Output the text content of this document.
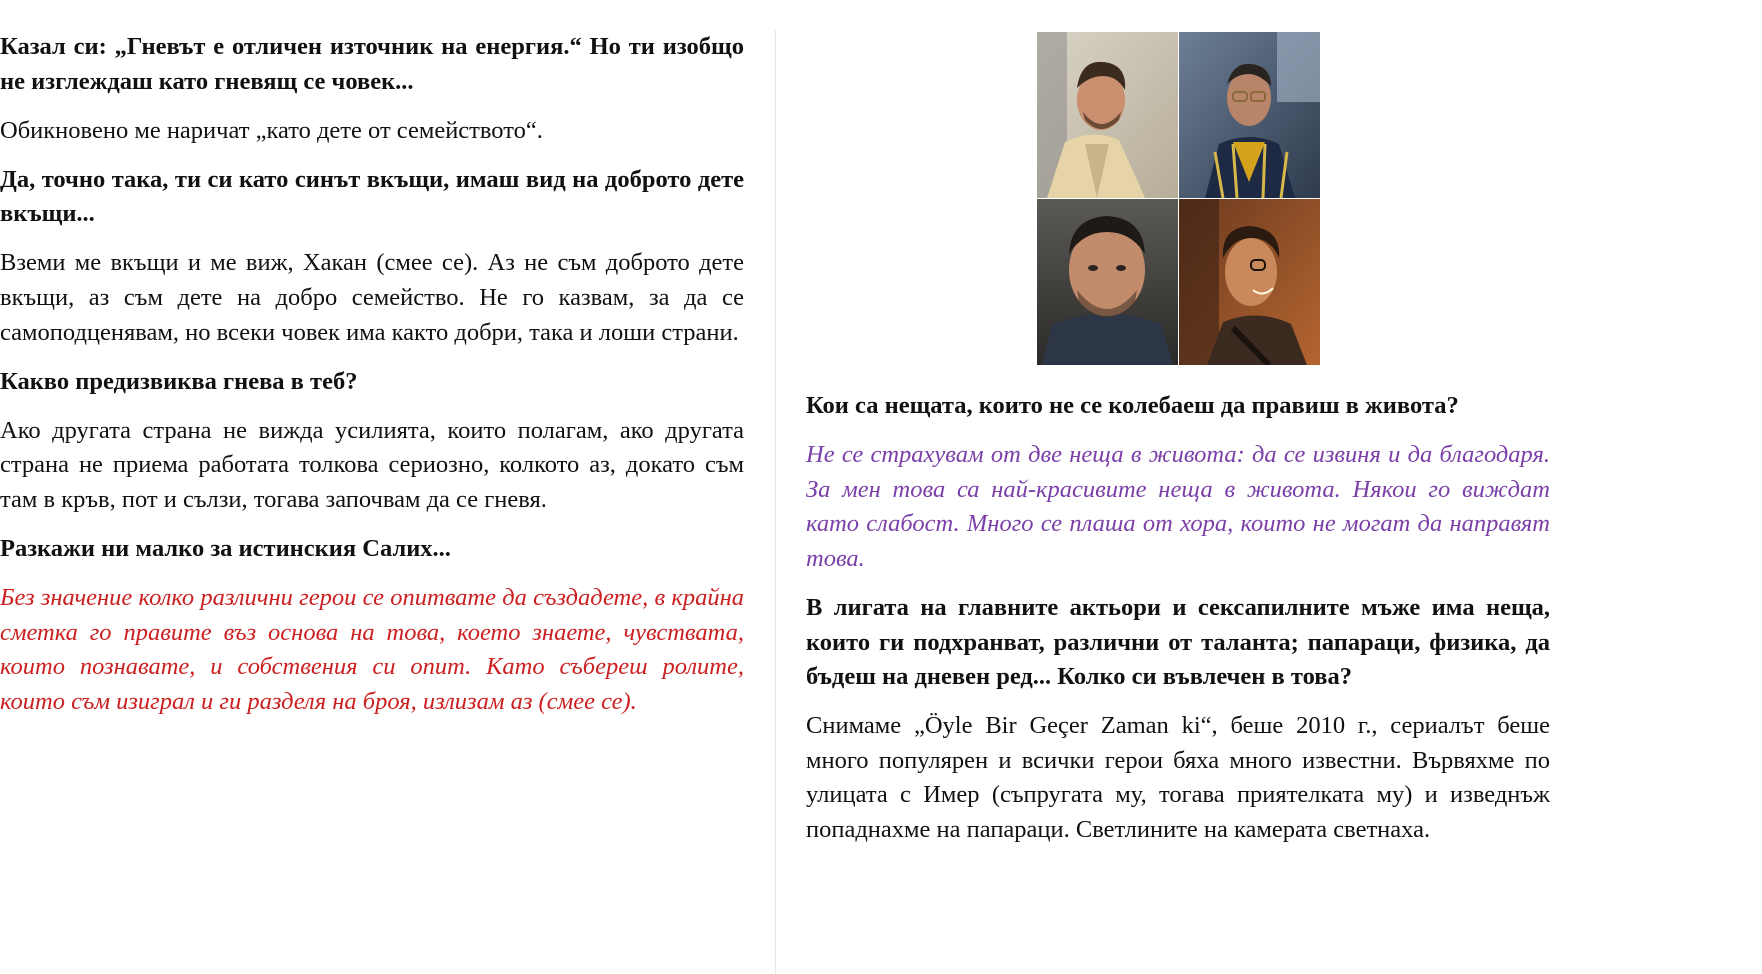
Казал си: „Гневът е отличен източник на енергия.“ Но ти изобщо не изглеждаш като гневящ се човек...

Обикновено ме наричат „като дете от семейството“.

Да, точно така, ти си като синът вкъщи, имаш вид на доброто дете вкъщи...

Вземи ме вкъщи и ме виж, Хакан (смее се). Аз не съм доброто дете вкъщи, аз съм дете на добро семейство. Не го казвам, за да се самоподценявам, но всеки човек има както добри, така и лоши страни.

Какво предизвиква гнева в теб?

Ако другата страна не вижда усилията, които полагам, ако другата страна не приема работата толкова сериозно, колкото аз, докато съм там в кръв, пот и сълзи, тогава започвам да се гневя.

Разкажи ни малко за истинския Салих...

Без значение колко различни герои се опитвате да създадете, в крайна сметка го правите въз основа на това, което знаете, чувствата, които познавате, и собствения си опит. Като съберeш ролите, които съм изиграл и ги разделя на броя, излизам аз (смее се).

Кои са нещата, които не се колебаеш да правиш в живота?

Не се страхувам от две неща в живота: да се извиня и да благодаря. За мен това са най-красивите неща в живота. Някои го виждат като слабост. Много се плаша от хора, които не могат да направят това.

В лигата на главните актьори и сексапилните мъже има неща, които ги подхранват, различни от таланта; папараци, физика, да бъдеш на дневен ред... Колко си въвлечен в това?

Снимаме „Öyle Bir Geçer Zaman ki“, беше 2010 г., сериалът беше много популярен и всички герои бяха много известни. Вървяхме по улицата с Имер (съпругата му, тогава приятелката му) и изведнъж попаднахме на папараци. Светлините на камерата светнаха.
